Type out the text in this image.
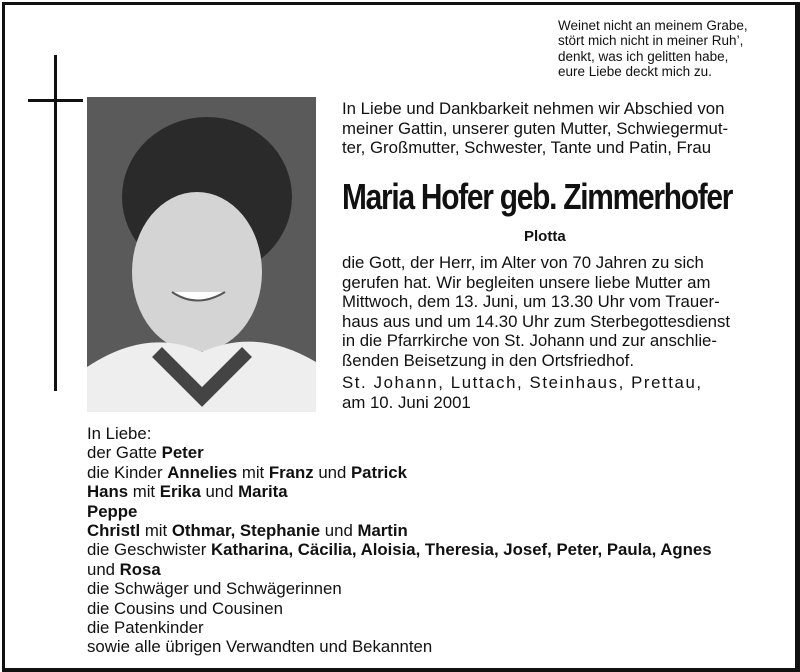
Weinet nicht an meinem Grabe,
stört mich nicht in meiner Ruh’,
denkt, was ich gelitten habe,
eure Liebe deckt mich zu.
In Liebe und Dankbarkeit nehmen wir Abschied von
meiner Gattin, unserer guten Mutter, Schwiegermut-
ter, Großmutter, Schwester, Tante und Patin, Frau
Maria Hofer geb. Zimmerhofer
Plotta
die Gott, der Herr, im Alter von 70 Jahren zu sich
gerufen hat. Wir begleiten unsere liebe Mutter am
Mittwoch, dem 13. Juni, um 13.30 Uhr vom Trauer-
haus aus und um 14.30 Uhr zum Sterbegottesdienst
in die Pfarrkirche von St. Johann und zur anschlie-
ßenden Beisetzung in den Ortsfriedhof.
St. Johann, Luttach, Steinhaus, Prettau,
am 10. Juni 2001
In Liebe:
der Gatte Peter
die Kinder Annelies mit Franz und Patrick
Hans mit Erika und Marita
Peppe
Christl mit Othmar, Stephanie und Martin
die Geschwister Katharina, Cäcilia, Aloisia, Theresia, Josef, Peter, Paula, Agnes
und Rosa
die Schwäger und Schwägerinnen
die Cousins und Cousinen
die Patenkinder
sowie alle übrigen Verwandten und Bekannten
